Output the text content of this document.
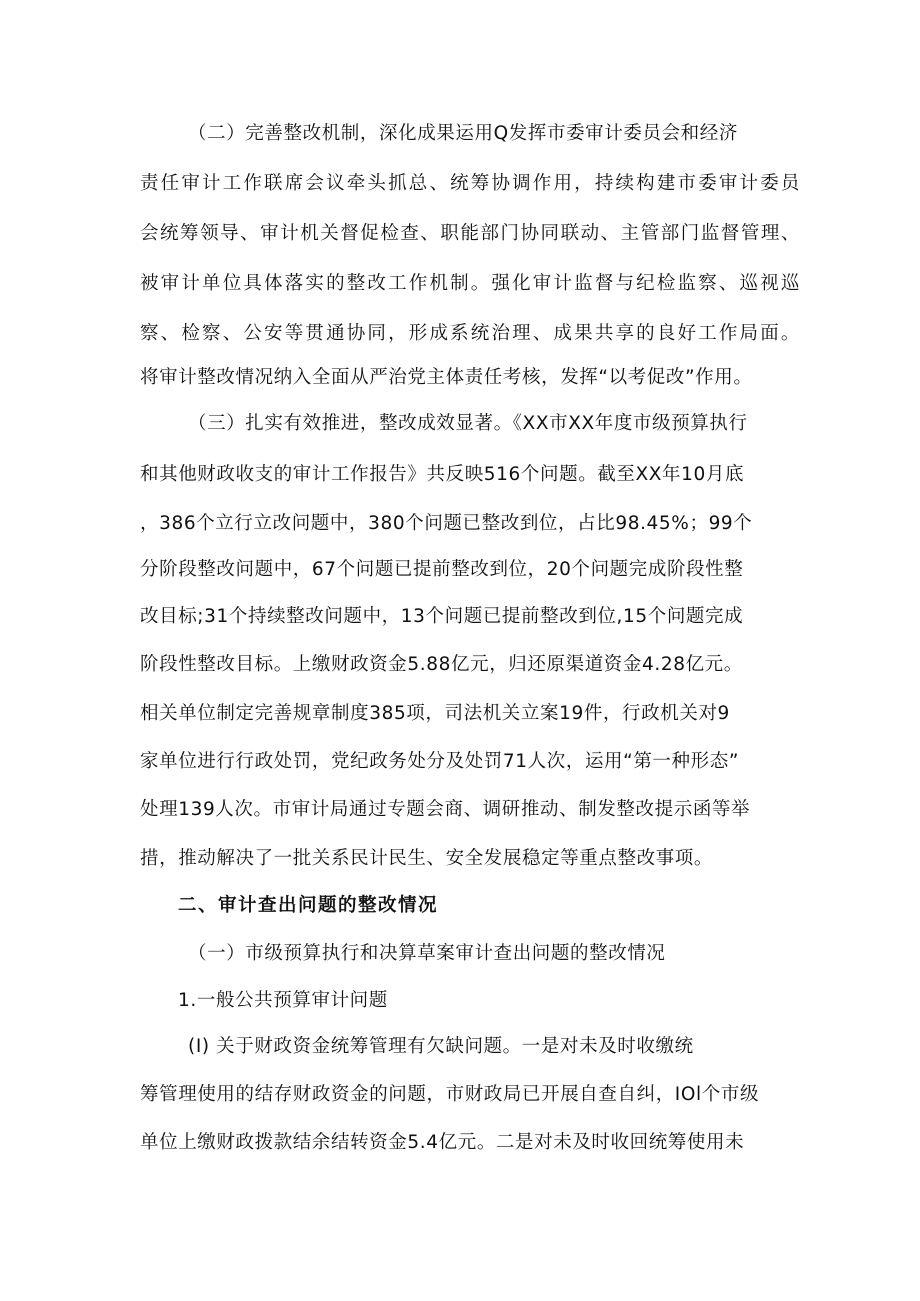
（二）完善整改机制，深化成果运用Q发挥市委审计委员会和经济
责任审计工作联席会议牵头抓总、统筹协调作用，持续构建市委审计委员
会统筹领导、审计机关督促检查、职能部门协同联动、主管部门监督管理、
被审计单位具体落实的整改工作机制。强化审计监督与纪检监察、巡视巡
察、检察、公安等贯通协同，形成系统治理、成果共享的良好工作局面。
将审计整改情况纳入全面从严治党主体责任考核，发挥“以考促改”作用。
（三）扎实有效推进，整改成效显著。《XX市XX年度市级预算执行
和其他财政收支的审计工作报告》共反映516个问题。截至XX年10月底
，386个立行立改问题中，380个问题已整改到位，占比98.45%；99个
分阶段整改问题中，67个问题已提前整改到位，20个问题完成阶段性整
改目标;31个持续整改问题中，13个问题已提前整改到位,15个问题完成
阶段性整改目标。上缴财政资金5.88亿元，归还原渠道资金4.28亿元。
相关单位制定完善规章制度385项，司法机关立案19件，行政机关对9
家单位进行行政处罚，党纪政务处分及处罚71人次，运用“第一种形态”
处理139人次。市审计局通过专题会商、调研推动、制发整改提示函等举
措，推动解决了一批关系民计民生、安全发展稳定等重点整改事项。
二、审计查出问题的整改情况
（一）市级预算执行和决算草案审计查出问题的整改情况
1.一般公共预算审计问题
(I) 关于财政资金统筹管理有欠缺问题。一是对未及时收缴统
筹管理使用的结存财政资金的问题，市财政局已开展自查自纠，IOl个市级
单位上缴财政拨款结余结转资金5.4亿元。二是对未及时收回统筹使用未
